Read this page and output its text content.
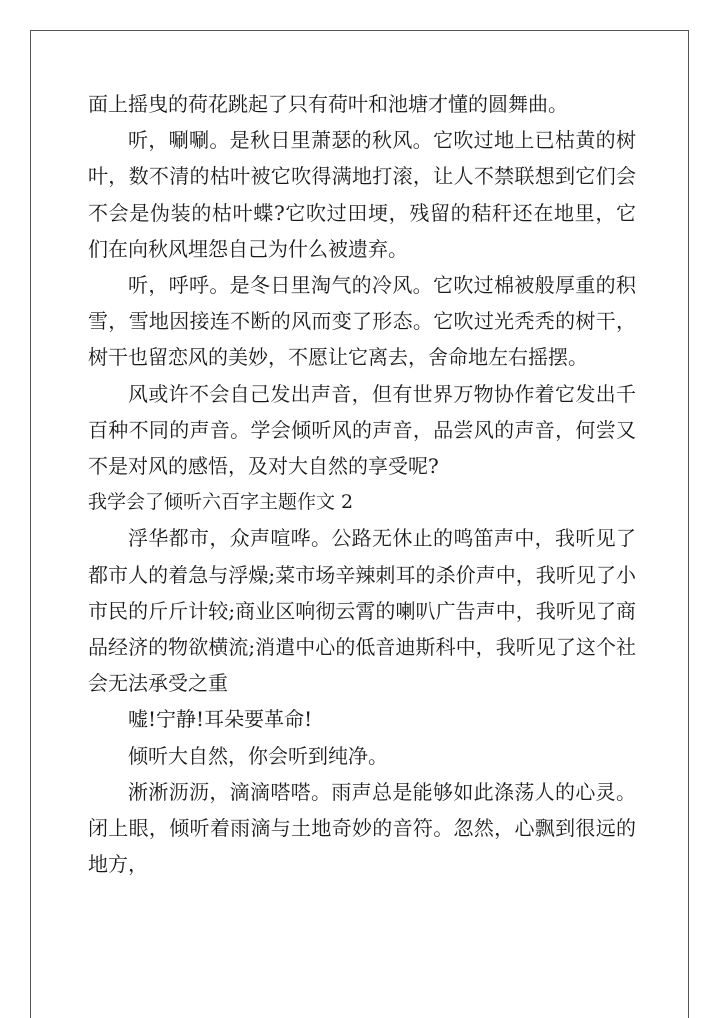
面上摇曳的荷花跳起了只有荷叶和池塘才懂的圆舞曲。

听，唰唰。是秋日里萧瑟的秋风。它吹过地上已枯黄的树叶，数不清的枯叶被它吹得满地打滚，让人不禁联想到它们会不会是伪装的枯叶蝶?它吹过田埂，残留的秸秆还在地里，它们在向秋风埋怨自己为什么被遗弃。

听，呼呼。是冬日里淘气的冷风。它吹过棉被般厚重的积雪，雪地因接连不断的风而变了形态。它吹过光秃秃的树干，树干也留恋风的美妙，不愿让它离去，舍命地左右摇摆。

风或许不会自己发出声音，但有世界万物协作着它发出千百种不同的声音。学会倾听风的声音，品尝风的声音，何尝又不是对风的感悟，及对大自然的享受呢?

我学会了倾听六百字主题作文 2

浮华都市，众声喧哗。公路无休止的鸣笛声中，我听见了都市人的着急与浮燥;菜市场辛辣刺耳的杀价声中，我听见了小市民的斤斤计较;商业区响彻云霄的喇叭广告声中，我听见了商品经济的物欲横流;消遣中心的低音迪斯科中，我听见了这个社会无法承受之重

嘘!宁静!耳朵要革命!

倾听大自然，你会听到纯净。

淅淅沥沥，滴滴嗒嗒。雨声总是能够如此涤荡人的心灵。闭上眼，倾听着雨滴与土地奇妙的音符。忽然，心飘到很远的地方，
